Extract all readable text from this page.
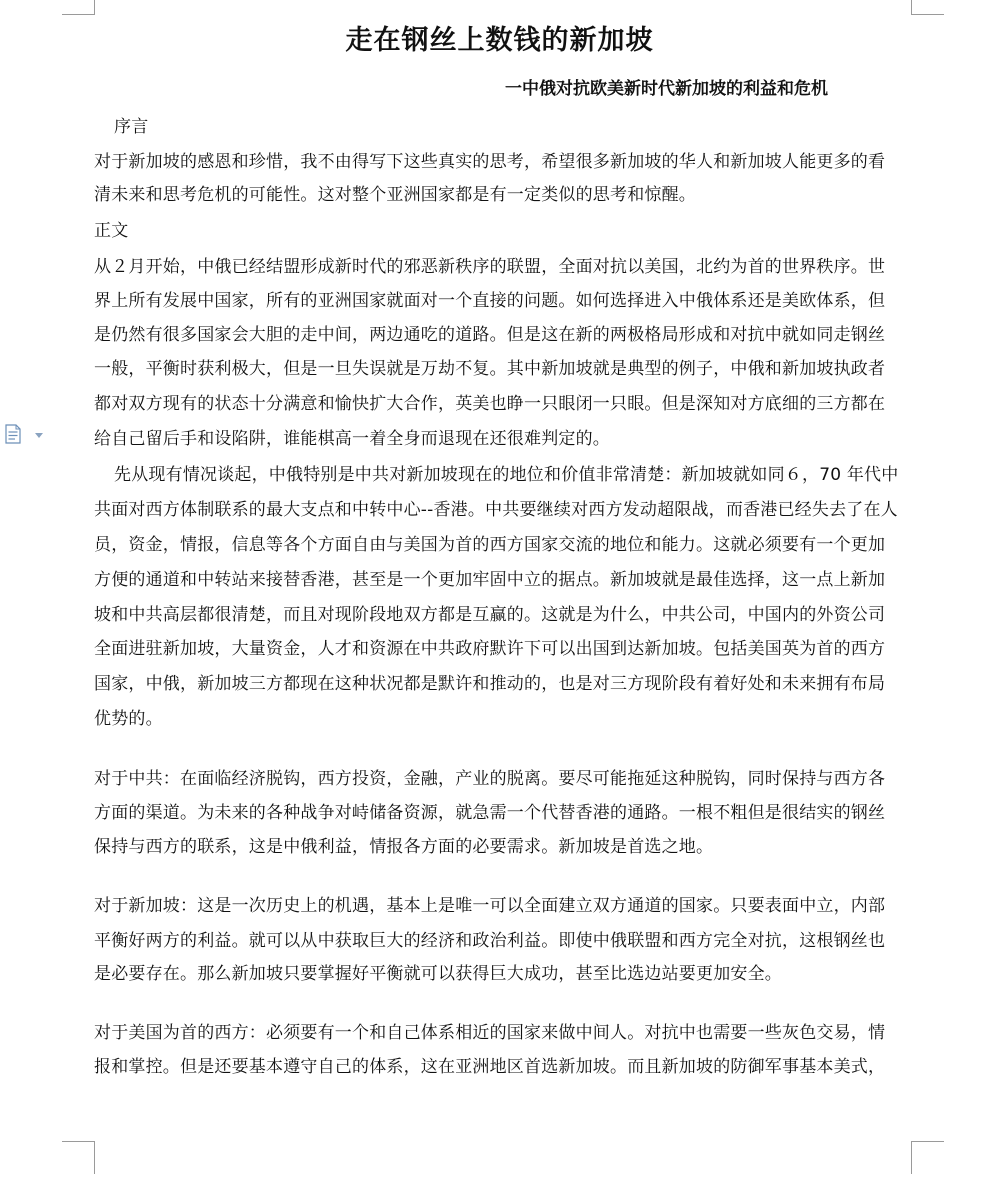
走在钢丝上数钱的新加坡
一中俄对抗欧美新时代新加坡的利益和危机
序言
对于新加坡的感恩和珍惜，我不由得写下这些真实的思考，希望很多新加坡的华人和新加坡人能更多的看
清未来和思考危机的可能性。这对整个亚洲国家都是有一定类似的思考和惊醒。
正文
从２月开始，中俄已经结盟形成新时代的邪恶新秩序的联盟，全面对抗以美国，北约为首的世界秩序。世
界上所有发展中国家，所有的亚洲国家就面对一个直接的问题。如何选择进入中俄体系还是美欧体系，但
是仍然有很多国家会大胆的走中间，两边通吃的道路。但是这在新的两极格局形成和对抗中就如同走钢丝
一般，平衡时获利极大，但是一旦失误就是万劫不复。其中新加坡就是典型的例子，中俄和新加坡执政者
都对双方现有的状态十分满意和愉快扩大合作，英美也睁一只眼闭一只眼。但是深知对方底细的三方都在
给自己留后手和设陷阱，谁能棋高一着全身而退现在还很难判定的。
先从现有情况谈起，中俄特别是中共对新加坡现在的地位和价值非常清楚：新加坡就如同６，70 年代中
共面对西方体制联系的最大支点和中转中心--香港。中共要继续对西方发动超限战，而香港已经失去了在人
员，资金，情报，信息等各个方面自由与美国为首的西方国家交流的地位和能力。这就必须要有一个更加
方便的通道和中转站来接替香港，甚至是一个更加牢固中立的据点。新加坡就是最佳选择，这一点上新加
坡和中共高层都很清楚，而且对现阶段地双方都是互赢的。这就是为什么，中共公司，中国内的外资公司
全面进驻新加坡，大量资金，人才和资源在中共政府默许下可以出国到达新加坡。包括美国英为首的西方
国家，中俄，新加坡三方都现在这种状况都是默许和推动的，也是对三方现阶段有着好处和未来拥有布局
优势的。
对于中共：在面临经济脱钩，西方投资，金融，产业的脱离。要尽可能拖延这种脱钩，同时保持与西方各
方面的渠道。为未来的各种战争对峙储备资源，就急需一个代替香港的通路。一根不粗但是很结实的钢丝
保持与西方的联系，这是中俄利益，情报各方面的必要需求。新加坡是首选之地。
对于新加坡：这是一次历史上的机遇，基本上是唯一可以全面建立双方通道的国家。只要表面中立，内部
平衡好两方的利益。就可以从中获取巨大的经济和政治利益。即使中俄联盟和西方完全对抗，这根钢丝也
是必要存在。那么新加坡只要掌握好平衡就可以获得巨大成功，甚至比选边站要更加安全。
对于美国为首的西方：必须要有一个和自己体系相近的国家来做中间人。对抗中也需要一些灰色交易，情
报和掌控。但是还要基本遵守自己的体系，这在亚洲地区首选新加坡。而且新加坡的防御军事基本美式，
